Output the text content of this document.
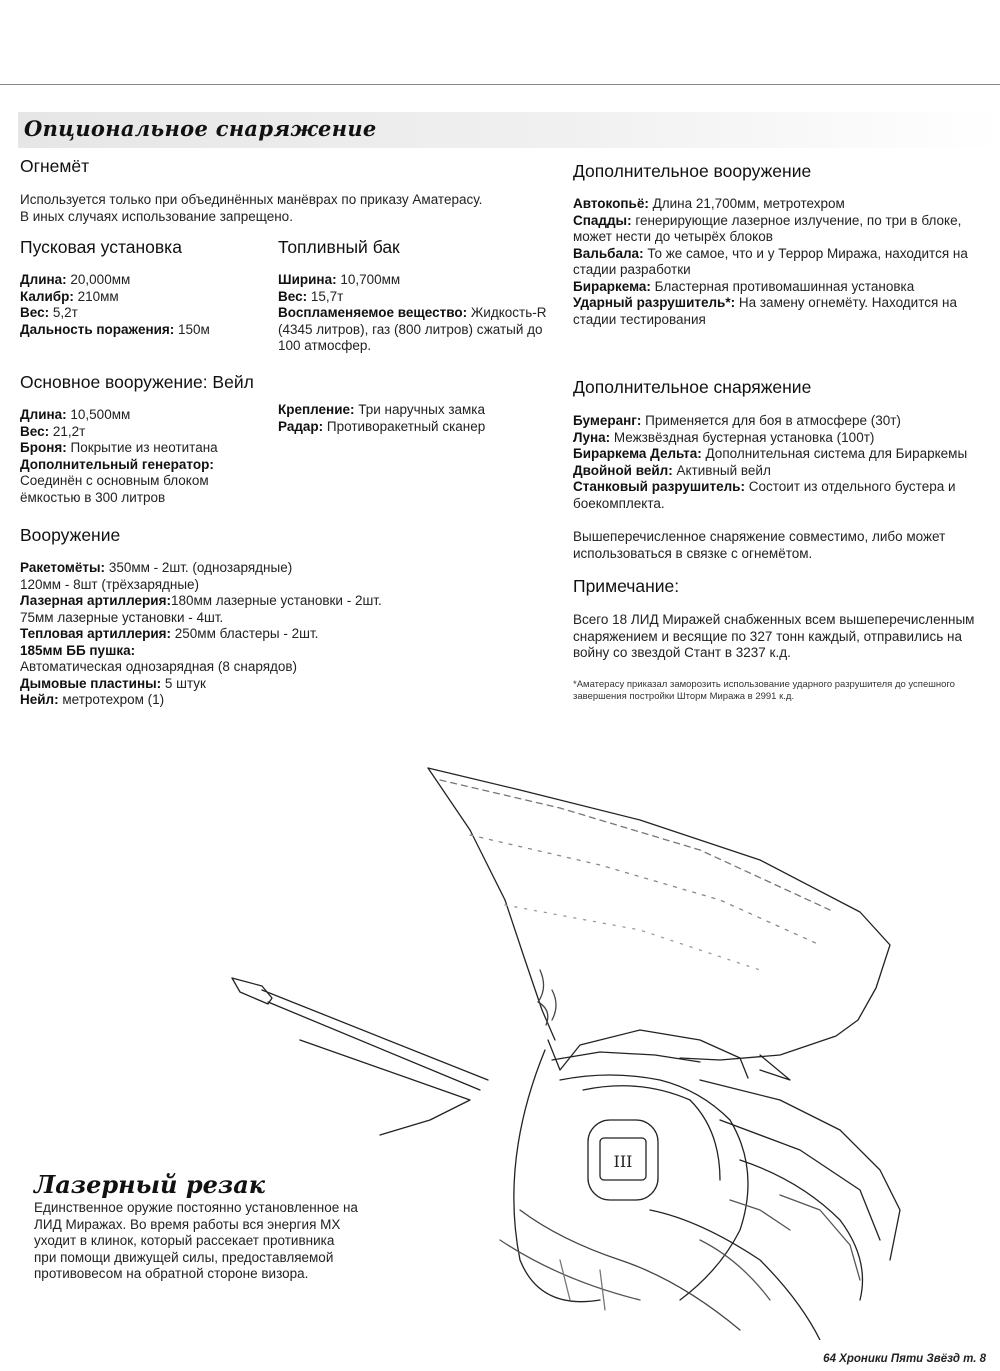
Опциональное снаряжение
Огнемёт
Используется только при объединённых манёврах по приказу Аматерасу.
В иных случаях использование запрещено.
Пусковая установка
Длина: 20,000мм
Калибр: 210мм
Вес: 5,2т
Дальность поражения: 150м
Топливный бак
Ширина: 10,700мм
Вес: 15,7т
Воспламеняемое вещество: Жидкость-R
(4345 литров), газ (800 литров) сжатый до
100 атмосфер.
Основное вооружение: Вейл
Длина: 10,500мм
Вес: 21,2т
Броня: Покрытие из неотитана
Дополнительный генератор:
Соединён с основным блоком
ёмкостью в 300 литров
Крепление: Три наручных замка
Радар: Противоракетный сканер
Вооружение
Ракетомёты: 350мм - 2шт. (однозарядные)
120мм - 8шт (трёхзарядные)
Лазерная артиллерия:180мм лазерные установки - 2шт.
75мм лазерные установки - 4шт.
Тепловая артиллерия: 250мм бластеры - 2шт.
185мм ББ пушка:
Автоматическая однозарядная (8 снарядов)
Дымовые пластины: 5 штук
Нейл: метротехром (1)
Дополнительное вооружение
Автокопьё: Длина 21,700мм, метротехром
Спадды: генерирующие лазерное излучение, по три в блоке,
может нести до четырёх блоков
Вальбала: То же самое, что и у Террор Миража, находится на
стадии разработки
Бираркема: Бластерная противомашинная установка
Ударный разрушитель*: На замену огнемёту. Находится на
стадии тестирования
Дополнительное снаряжение
Бумеранг: Применяется для боя в атмосфере (30т)
Луна: Межзвёздная бустерная установка (100т)
Бираркема Дельта: Дополнительная система для Бираркемы
Двойной вейл: Активный вейл
Станковый разрушитель: Состоит из отдельного бустера и
боекомплекта.
Вышеперечисленное снаряжение совместимо, либо может
использоваться в связке с огнемётом.
Примечание:
Всего 18 ЛИД Миражей снабженных всем вышеперечисленным
снаряжением и весящие по 327 тонн каждый, отправились на
войну со звездой Стант в 3237 к.д.
*Аматерасу приказал заморозить использование ударного разрушителя до успешного
завершения постройки Шторм Миража в 2991 к.д.
III
Лазерный резак
Единственное оружие постоянно установленное на
ЛИД Миражах. Во время работы вся энергия МХ
уходит в клинок, который рассекает противника
при помощи движущей силы, предоставляемой
противовесом на обратной стороне визора.
64 Хроники Пяти Звёзд т. 8
